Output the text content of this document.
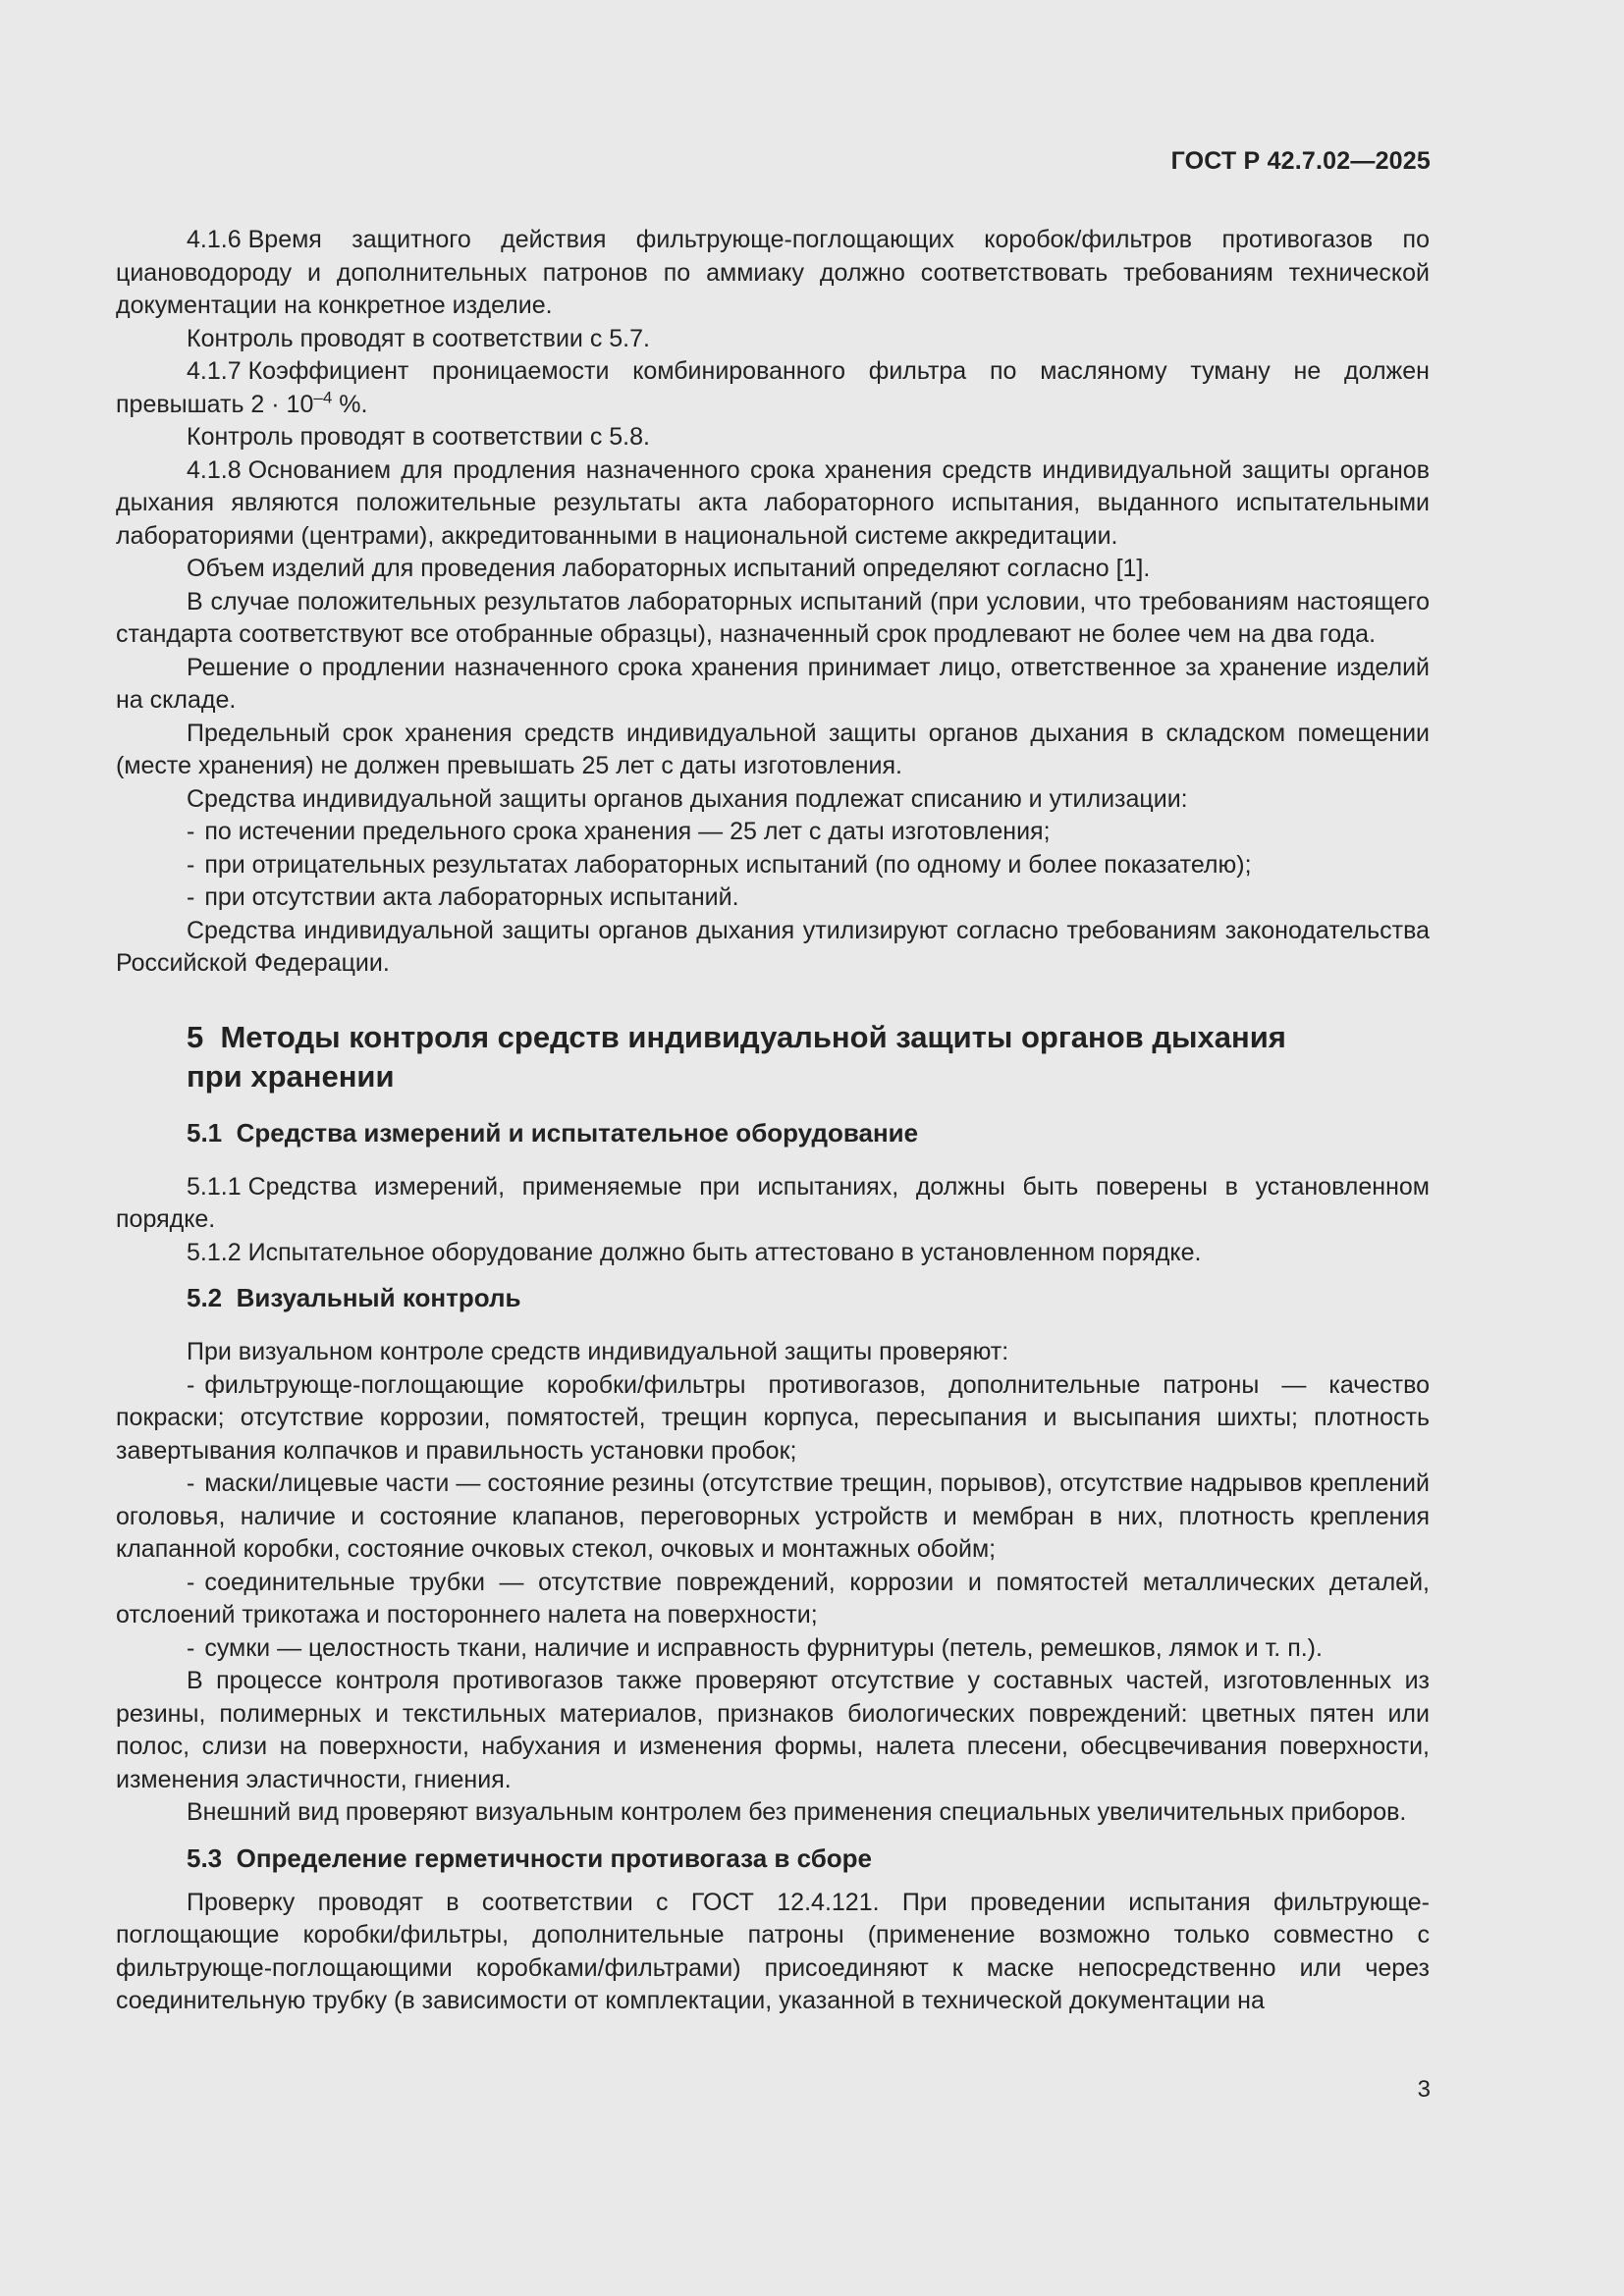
ГОСТ Р 42.7.02—2025

4.1.6 Время защитного действия фильтрующе-поглощающих коробок/фильтров противогазов по циановодороду и дополнительных патронов по аммиаку должно соответствовать требованиям технической документации на конкретное изделие.

Контроль проводят в соответствии с 5.7.

4.1.7 Коэффициент проницаемости комбинированного фильтра по масляному туману не должен превышать $2 \cdot 10^{-4}$ %.

Контроль проводят в соответствии с 5.8.

4.1.8 Основанием для продления назначенного срока хранения средств индивидуальной защиты органов дыхания являются положительные результаты акта лабораторного испытания, выданного испытательными лабораториями (центрами), аккредитованными в национальной системе аккредитации.

Объем изделий для проведения лабораторных испытаний определяют согласно [1].

В случае положительных результатов лабораторных испытаний (при условии, что требованиям настоящего стандарта соответствуют все отобранные образцы), назначенный срок продлевают не более чем на два года.

Решение о продлении назначенного срока хранения принимает лицо, ответственное за хранение изделий на складе.

Предельный срок хранения средств индивидуальной защиты органов дыхания в складском помещении (месте хранения) не должен превышать 25 лет с даты изготовления.

Средства индивидуальной защиты органов дыхания подлежат списанию и утилизации:

- по истечении предельного срока хранения — 25 лет с даты изготовления;

- при отрицательных результатах лабораторных испытаний (по одному и более показателю);

- при отсутствии акта лабораторных испытаний.

Средства индивидуальной защиты органов дыхания утилизируют согласно требованиям законодательства Российской Федерации.

5 Методы контроля средств индивидуальной защиты органов дыхания
при хранении
5.1 Средства измерений и испытательное оборудование

5.1.1 Средства измерений, применяемые при испытаниях, должны быть поверены в установленном порядке.

5.1.2 Испытательное оборудование должно быть аттестовано в установленном порядке.

5.2 Визуальный контроль

При визуальном контроле средств индивидуальной защиты проверяют:

- фильтрующе-поглощающие коробки/фильтры противогазов, дополнительные патроны — качество покраски; отсутствие коррозии, помятостей, трещин корпуса, пересыпания и высыпания шихты; плотность завертывания колпачков и правильность установки пробок;

- маски/лицевые части — состояние резины (отсутствие трещин, порывов), отсутствие надрывов креплений оголовья, наличие и состояние клапанов, переговорных устройств и мембран в них, плотность крепления клапанной коробки, состояние очковых стекол, очковых и монтажных обойм;

- соединительные трубки — отсутствие повреждений, коррозии и помятостей металлических деталей, отслоений трикотажа и постороннего налета на поверхности;

- сумки — целостность ткани, наличие и исправность фурнитуры (петель, ремешков, лямок и т. п.).

В процессе контроля противогазов также проверяют отсутствие у составных частей, изготовленных из резины, полимерных и текстильных материалов, признаков биологических повреждений: цветных пятен или полос, слизи на поверхности, набухания и изменения формы, налета плесени, обесцвечивания поверхности, изменения эластичности, гниения.

Внешний вид проверяют визуальным контролем без применения специальных увеличительных приборов.

5.3 Определение герметичности противогаза в сборе

Проверку проводят в соответствии с ГОСТ 12.4.121. При проведении испытания фильтрующе-поглощающие коробки/фильтры, дополнительные патроны (применение возможно только совместно с фильтрующе-поглощающими коробками/фильтрами) присоединяют к маске непосредственно или через соединительную трубку (в зависимости от комплектации, указанной в технической документации на

3
